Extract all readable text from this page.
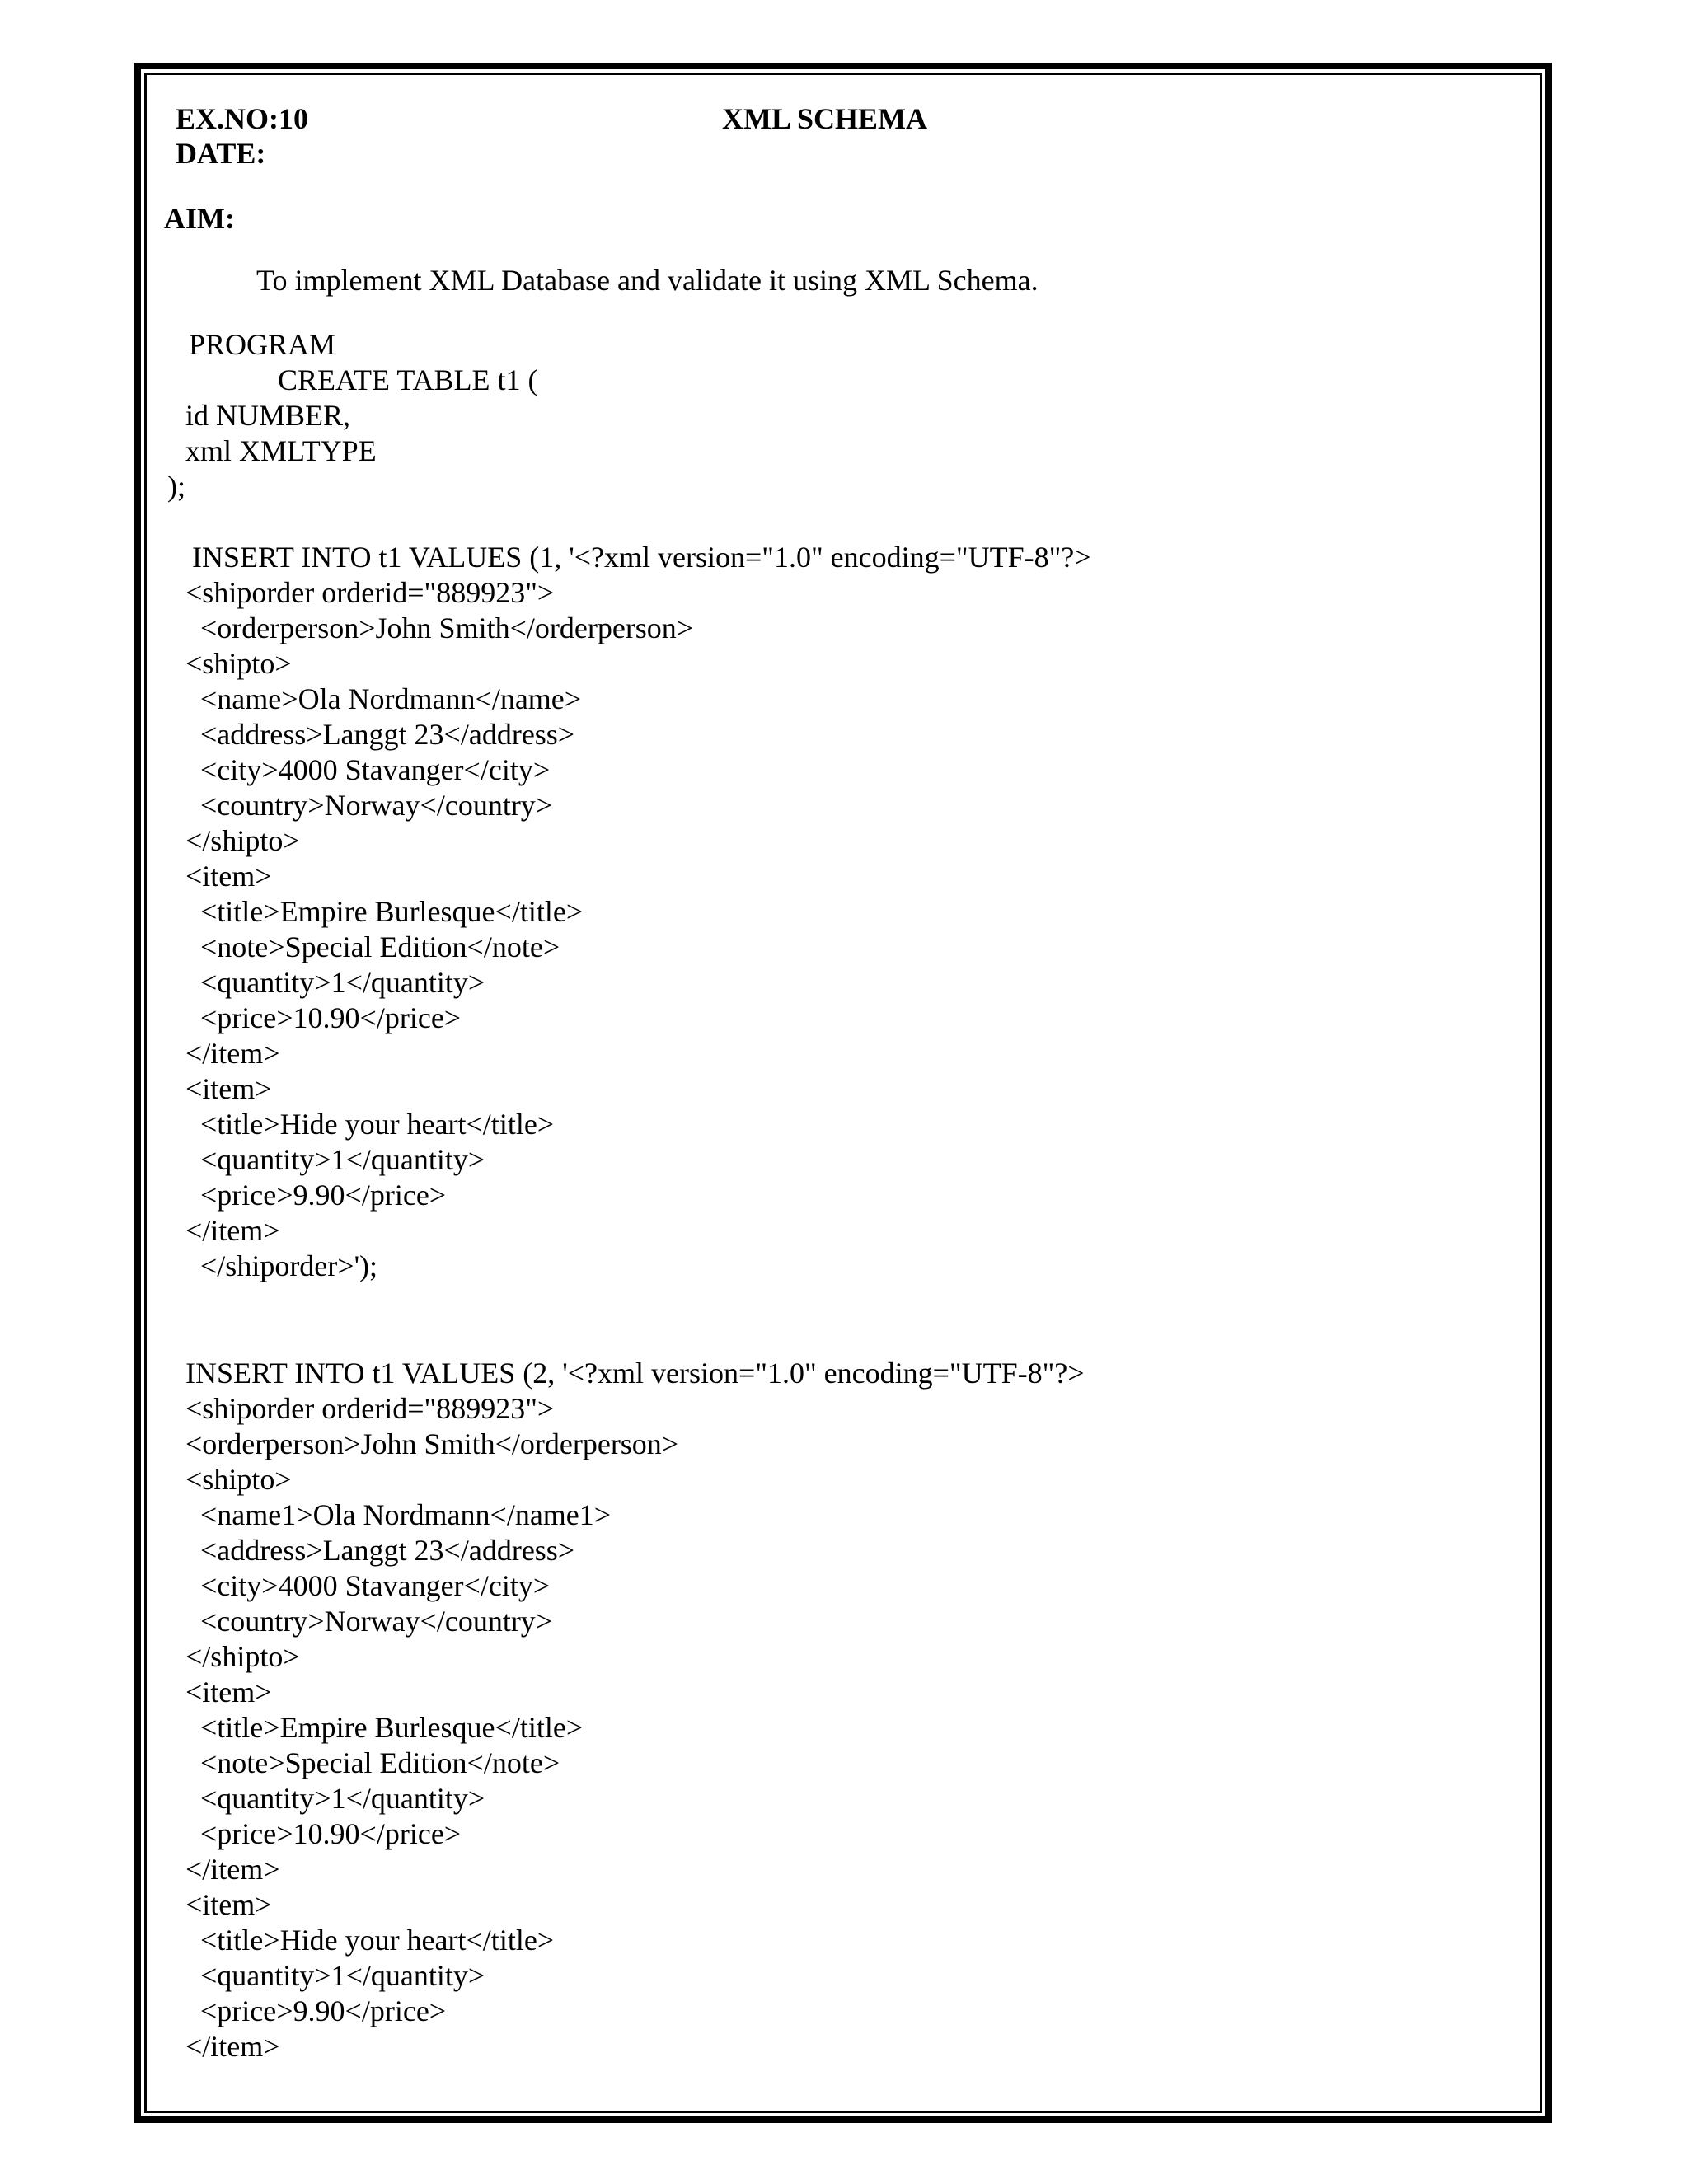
EX.NO:10	XML SCHEMA
DATE:
AIM:
To implement XML Database and validate it using XML Schema.
PROGRAM
CREATE TABLE t1 (
id NUMBER,
xml XMLTYPE
);
INSERT INTO t1 VALUES (1, '<?xml version="1.0" encoding="UTF-8"?>
<shiporder orderid="889923">
<orderperson>John Smith</orderperson>
<shipto>
<name>Ola Nordmann</name>
<address>Langgt 23</address>
<city>4000 Stavanger</city>
<country>Norway</country>
</shipto>
<item>
<title>Empire Burlesque</title>
<note>Special Edition</note>
<quantity>1</quantity>
<price>10.90</price>
</item>
<item>
<title>Hide your heart</title>
<quantity>1</quantity>
<price>9.90</price>
</item>
</shiporder>');
INSERT INTO t1 VALUES (2, '<?xml version="1.0" encoding="UTF-8"?>
<shiporder orderid="889923">
<orderperson>John Smith</orderperson>
<shipto>
<name1>Ola Nordmann</name1>
<address>Langgt 23</address>
<city>4000 Stavanger</city>
<country>Norway</country>
</shipto>
<item>
<title>Empire Burlesque</title>
<note>Special Edition</note>
<quantity>1</quantity>
<price>10.90</price>
</item>
<item>
<title>Hide your heart</title>
<quantity>1</quantity>
<price>9.90</price>
</item>
